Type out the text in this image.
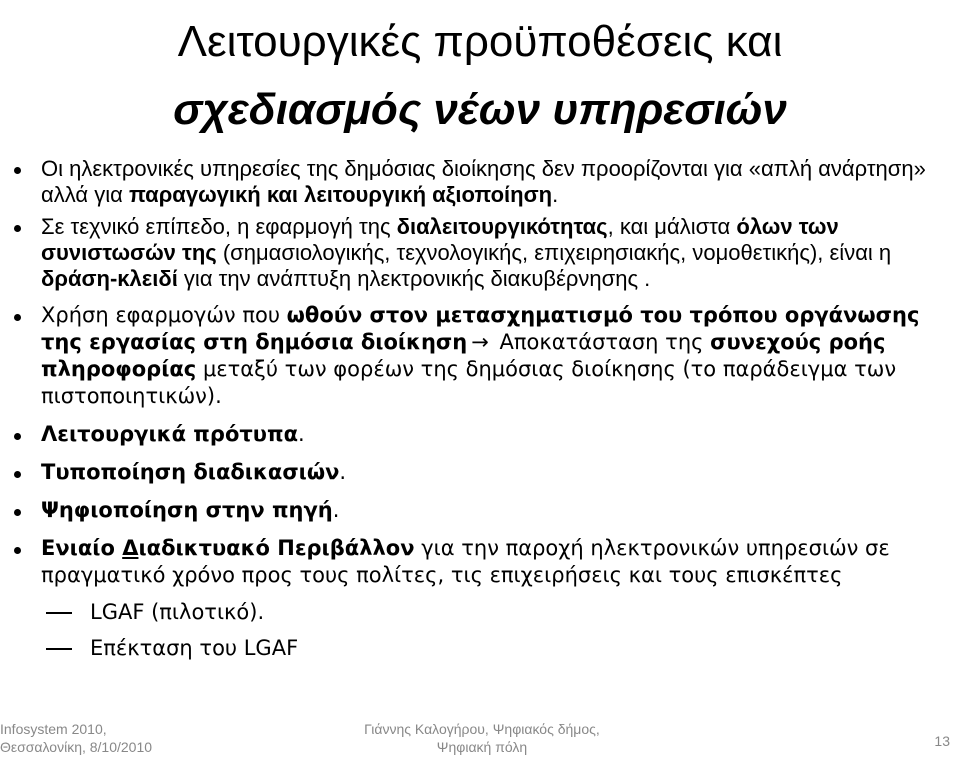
Λειτουργικές προϋποθέσεις και
σχεδιασμός νέων υπηρεσιών
Οι ηλεκτρονικές υπηρεσίες της δημόσιας διοίκησης δεν προορίζονται για «απλή ανάρτηση» αλλά για παραγωγική και λειτουργική αξιοποίηση.
Σε τεχνικό επίπεδο, η εφαρμογή της διαλειτουργικότητας, και μάλιστα όλων των συνιστωσών της (σημασιολογικής, τεχνολογικής, επιχειρησιακής, νομοθετικής), είναι η δράση-κλειδί για την ανάπτυξη ηλεκτρονικής διακυβέρνησης .
Χρήση εφαρμογών που ωθούν στον μετασχηματισμό του τρόπου οργάνωσης της εργασίας στη δημόσια διοίκηση → Αποκατάσταση της συνεχούς ροής πληροφορίας μεταξύ των φορέων της δημόσιας διοίκησης (το παράδειγμα των πιστοποιητικών).
Λειτουργικά πρότυπα.
Τυποποίηση διαδικασιών.
Ψηφιοποίηση στην πηγή.
Ενιαίο Διαδικτυακό Περιβάλλον για την παροχή ηλεκτρονικών υπηρεσιών σε πραγματικό χρόνο προς τους πολίτες, τις επιχειρήσεις και τους επισκέπτες
LGAF (πιλοτικό).
Επέκταση του LGAF
Infosystem 2010,
Θεσσαλονίκη, 8/10/2010
Γιάννης Καλογήρου, Ψηφιακός δήμος,
Ψηφιακή πόλη	13
